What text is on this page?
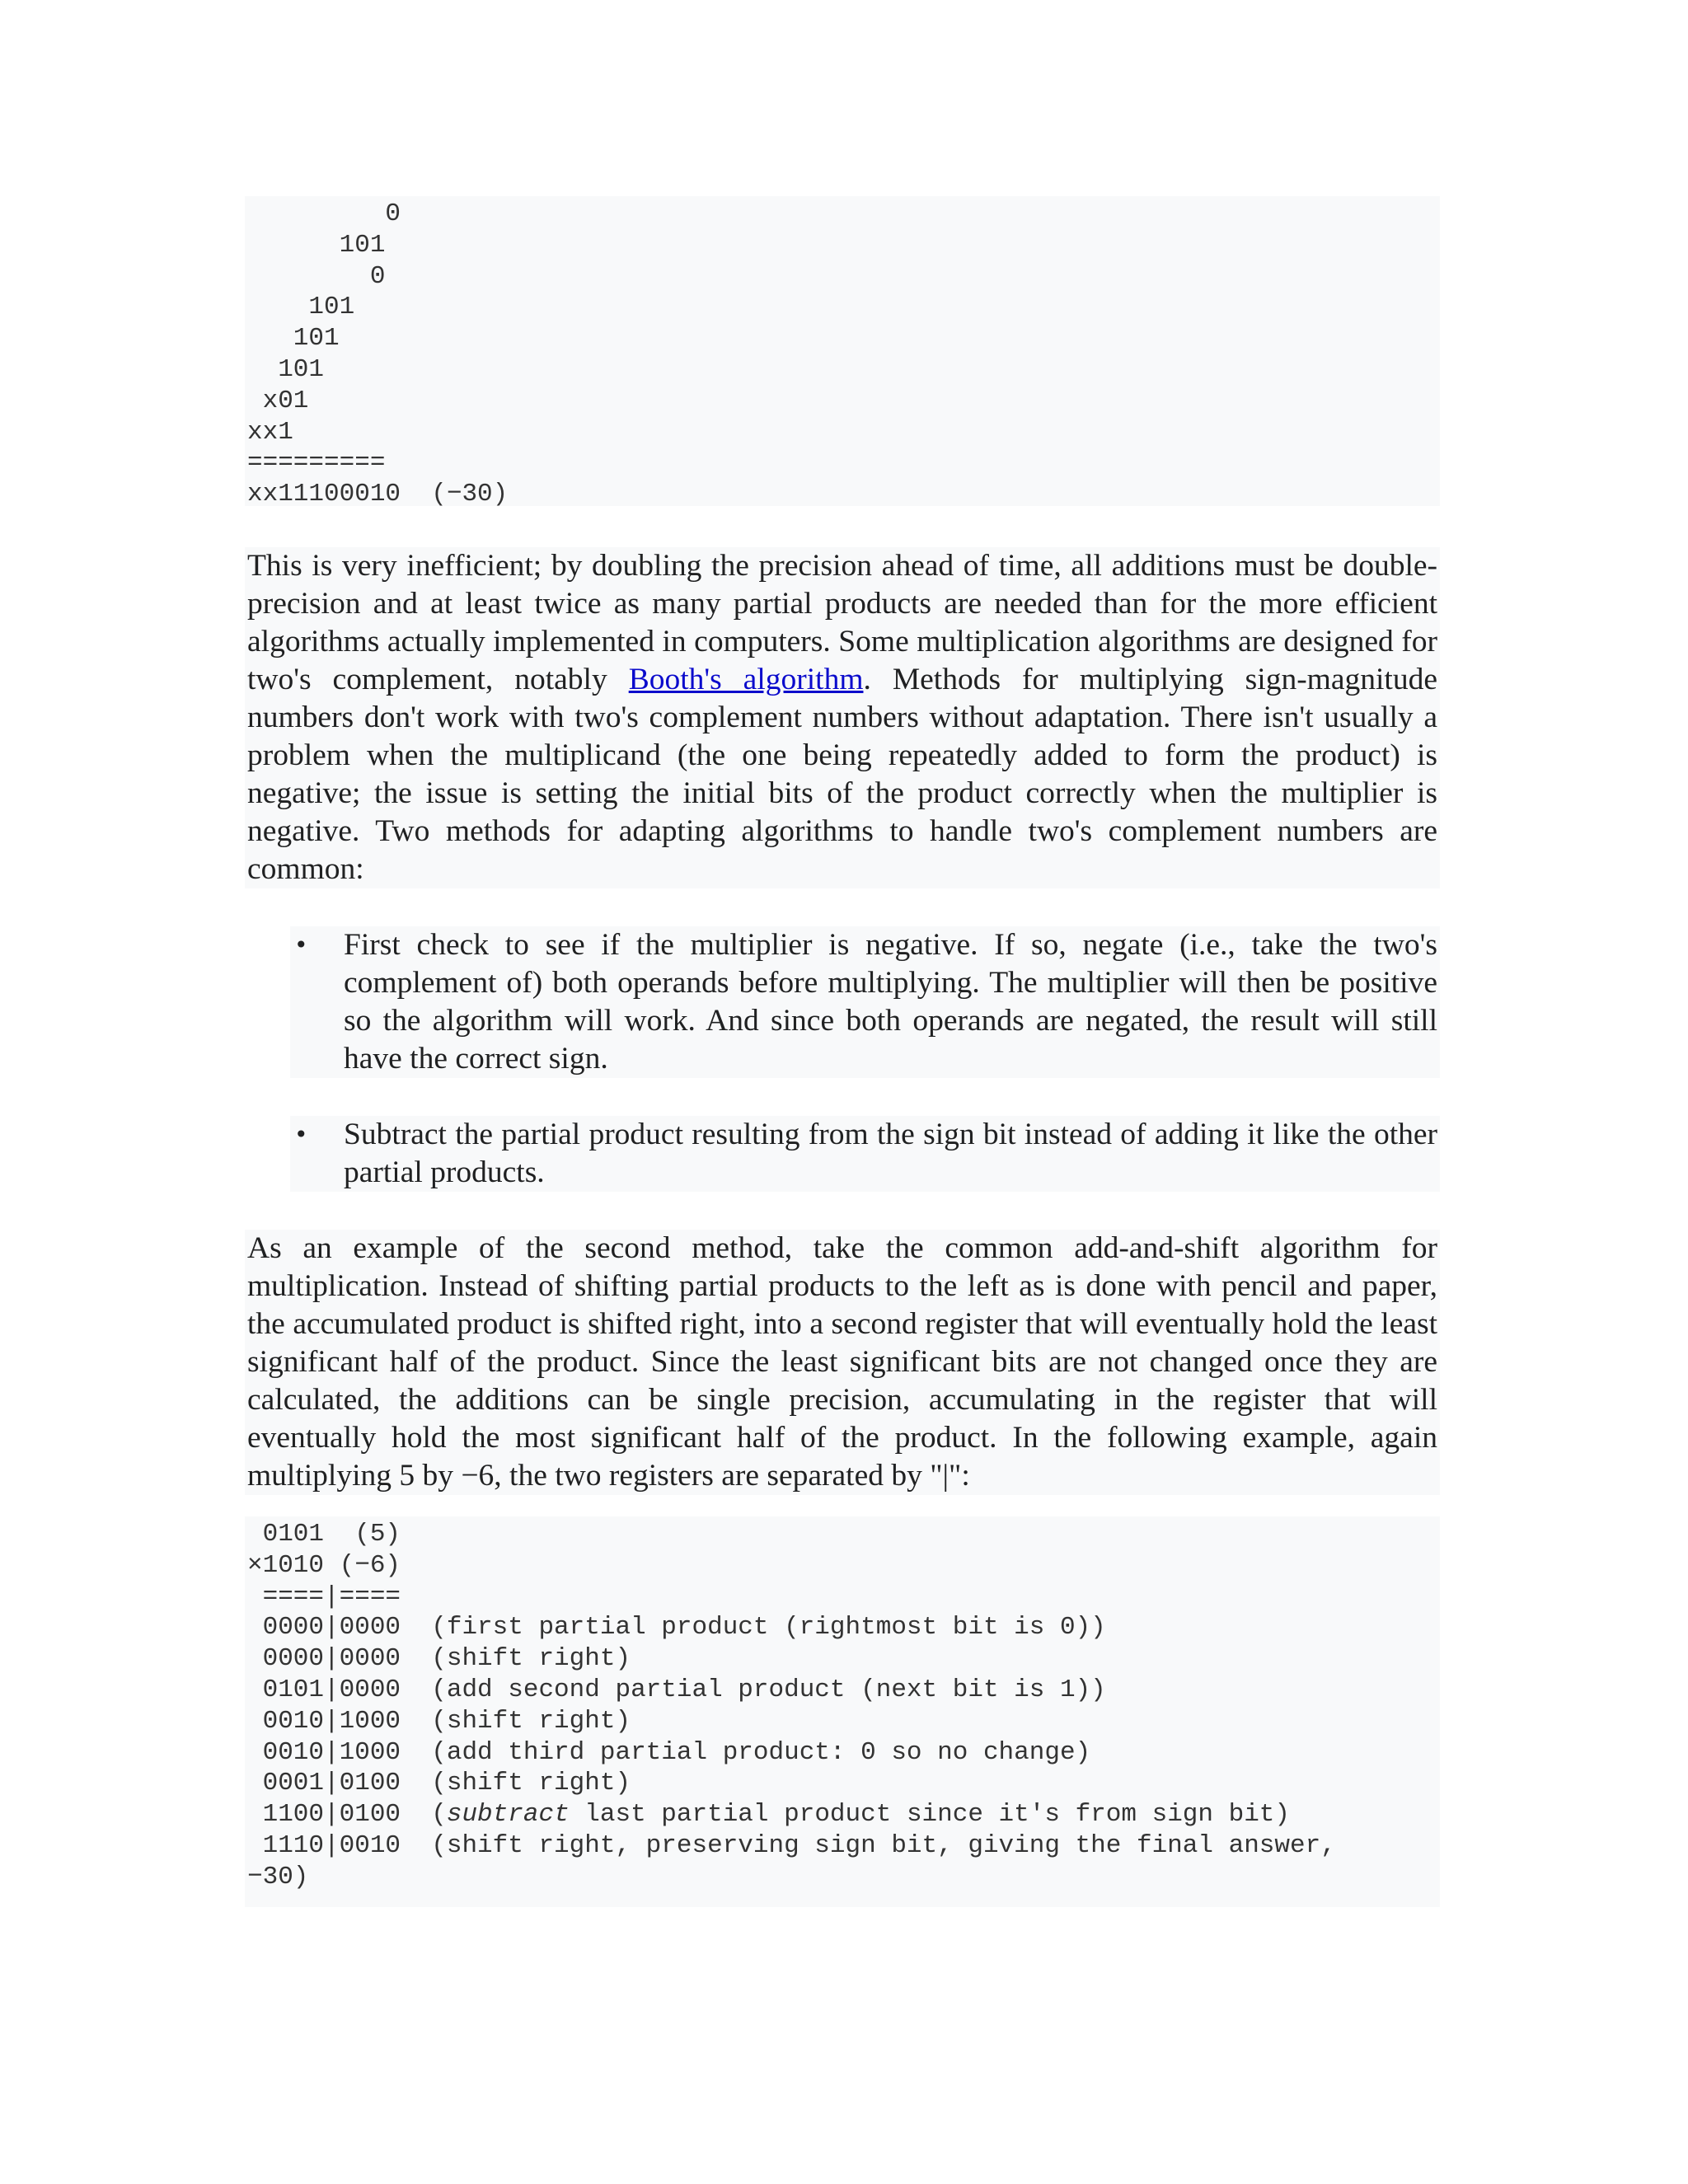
0
101
0
101
101
101
x01
xx1
=========
xx11100010  (−30)

This is very inefficient; by doubling the precision ahead of time, all additions must be double-precision and at least twice as many partial products are needed than for the more efficient algorithms actually implemented in computers. Some multiplication algorithms are designed for two's complement, notably Booth's algorithm. Methods for multiplying sign-magnitude numbers don't work with two's complement numbers without adaptation. There isn't usually a problem when the multiplicand (the one being repeatedly added to form the product) is negative; the issue is setting the initial bits of the product correctly when the multiplier is negative. Two methods for adapting algorithms to handle two's complement numbers are common:

• First check to see if the multiplier is negative. If so, negate (i.e., take the two's complement of) both operands before multiplying. The multiplier will then be positive so the algorithm will work. And since both operands are negated, the result will still have the correct sign.
• Subtract the partial product resulting from the sign bit instead of adding it like the other partial products.

As an example of the second method, take the common add-and-shift algorithm for multiplication. Instead of shifting partial products to the left as is done with pencil and paper, the accumulated product is shifted right, into a second register that will eventually hold the least significant half of the product. Since the least significant bits are not changed once they are calculated, the additions can be single precision, accumulating in the register that will eventually hold the most significant half of the product. In the following example, again multiplying 5 by −6, the two registers are separated by "|":

0101  (5)
×1010 (−6)
====|====
0000|0000  (first partial product (rightmost bit is 0))
0000|0000  (shift right)
0101|0000  (add second partial product (next bit is 1))
0010|1000  (shift right)
0010|1000  (add third partial product: 0 so no change)
0001|0100  (shift right)
1100|0100  (subtract last partial product since it's from sign bit)
1110|0010  (shift right, preserving sign bit, giving the final answer,
−30)
